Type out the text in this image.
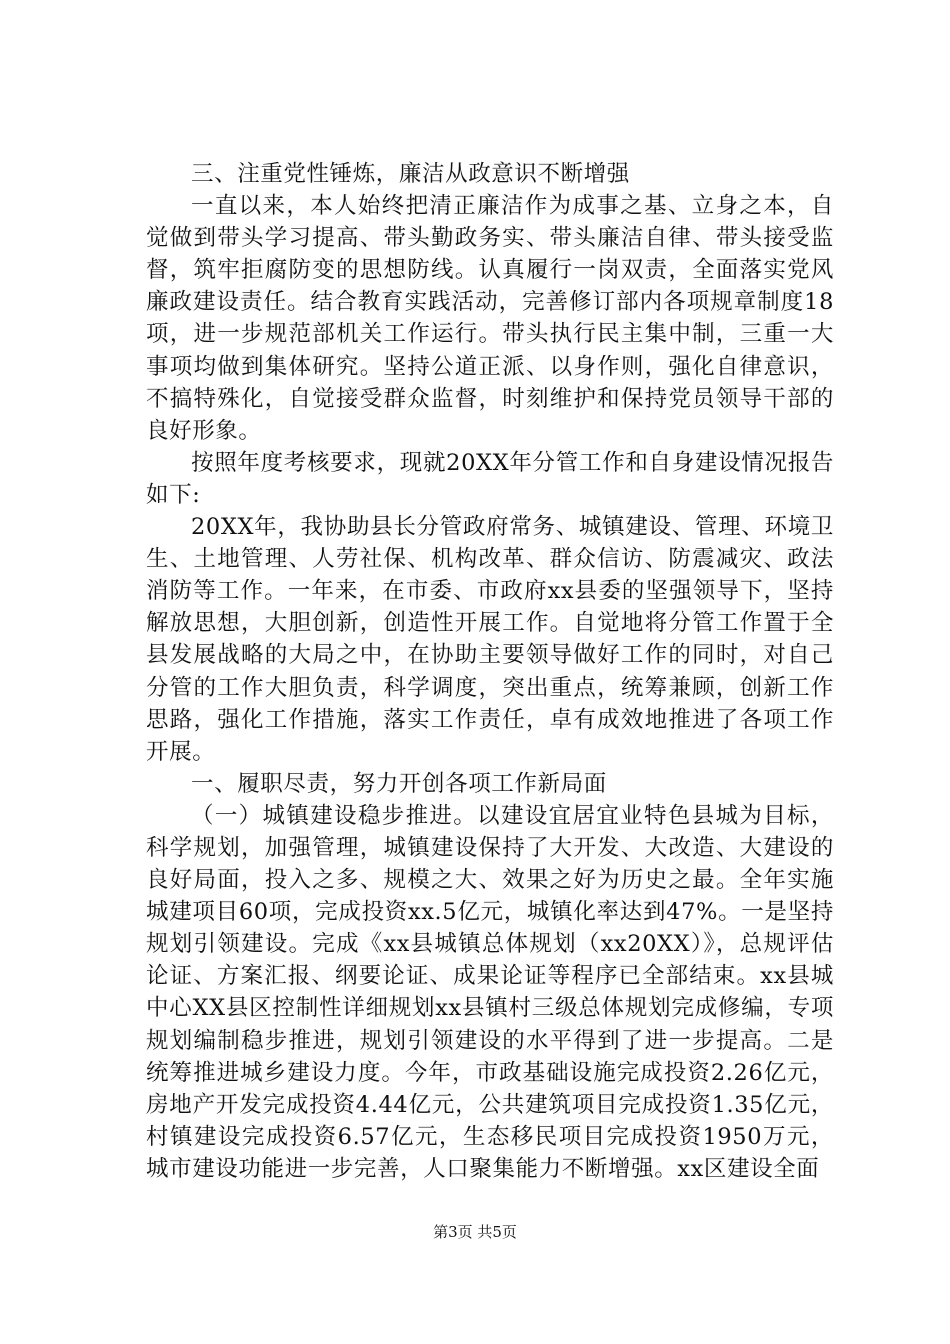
三、注重党性锤炼，廉洁从政意识不断增强

一直以来，本人始终把清正廉洁作为成事之基、立身之本，自觉做到带头学习提高、带头勤政务实、带头廉洁自律、带头接受监督，筑牢拒腐防变的思想防线。认真履行一岗双责，全面落实党风廉政建设责任。结合教育实践活动，完善修订部内各项规章制度18项，进一步规范部机关工作运行。带头执行民主集中制，三重一大事项均做到集体研究。坚持公道正派、以身作则，强化自律意识，不搞特殊化，自觉接受群众监督，时刻维护和保持党员领导干部的良好形象。

按照年度考核要求，现就20XX年分管工作和自身建设情况报告如下:

20XX年，我协助县长分管政府常务、城镇建设、管理、环境卫生、土地管理、人劳社保、机构改革、群众信访、防震减灾、政法消防等工作。一年来，在市委、市政府xx县委的坚强领导下，坚持解放思想，大胆创新，创造性开展工作。自觉地将分管工作置于全县发展战略的大局之中，在协助主要领导做好工作的同时，对自己分管的工作大胆负责，科学调度，突出重点，统筹兼顾，创新工作思路，强化工作措施，落实工作责任，卓有成效地推进了各项工作开展。

一、履职尽责，努力开创各项工作新局面

（一）城镇建设稳步推进。以建设宜居宜业特色县城为目标，科学规划，加强管理，城镇建设保持了大开发、大改造、大建设的良好局面，投入之多、规模之大、效果之好为历史之最。全年实施城建项目60项，完成投资xx.5亿元，城镇化率达到47%。一是坚持规划引领建设。完成《xx县城镇总体规划（xx20XX）》，总规评估论证、方案汇报、纲要论证、成果论证等程序已全部结束。xx县城中心XX县区控制性详细规划xx县镇村三级总体规划完成修编，专项规划编制稳步推进，规划引领建设的水平得到了进一步提高。二是统筹推进城乡建设力度。今年，市政基础设施完成投资2.26亿元，房地产开发完成投资4.44亿元，公共建筑项目完成投资1.35亿元，村镇建设完成投资6.57亿元，生态移民项目完成投资1950万元，城市建设功能进一步完善，人口聚集能力不断增强。xx区建设全面

第3页 共5页
